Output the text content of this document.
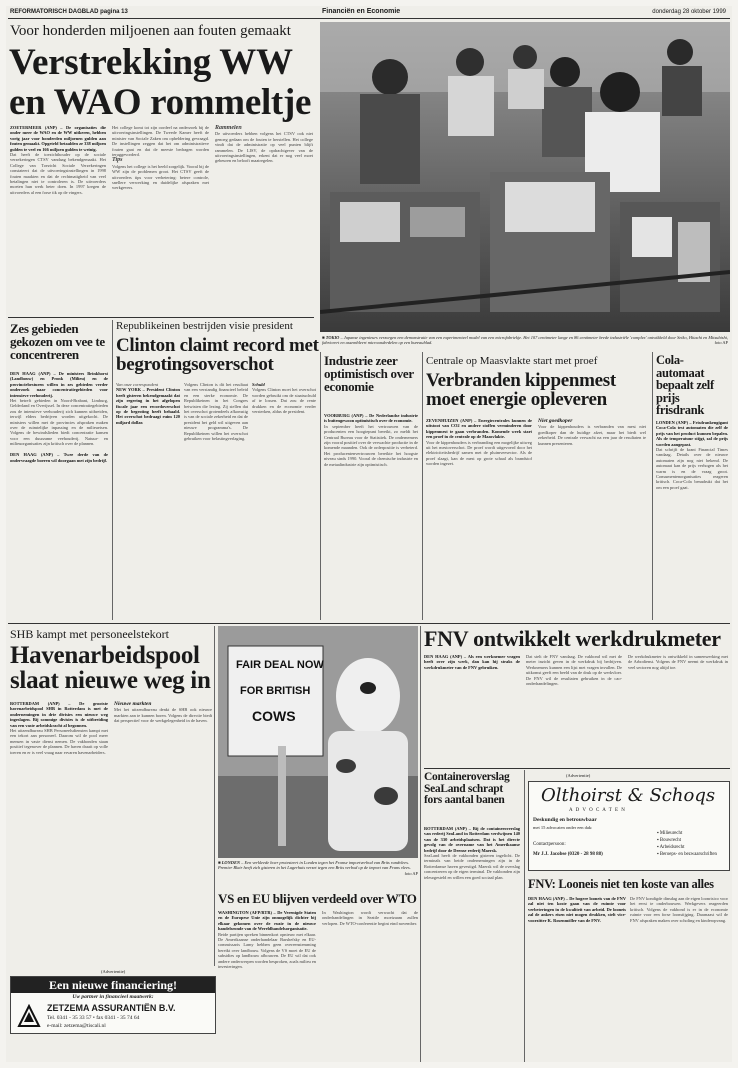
REFORMATORISCH DAGBLAD pagina 13	Financiën en Economie	donderdag 28 oktober 1999
Voor honderden miljoenen aan fouten gemaakt
Verstrekking WW
en WAO rommeltje
ZOETERMEER (ANP) – De organisaties die onder meer de WAO en de WW uitkeren, hebben vorig jaar voor honderden miljoenen gulden aan fouten gemaakt. Opgeteld betaalden ze 338 miljoen gulden te veel en 166 miljoen gulden te weinig.
Dat heeft de toezichthouder op de sociale verzekeringen CTSV vandaag bekendgemaakt. Het College van Toezicht Sociale Verzekeringen constateert dat de uitvoeringsinstellingen in 1998 fouten maakten en dat de rechtmatigheid van veel betalingen niet te controleren is. De uitvoerders moeten hun werk beter doen. In 1997 kregen de uitvoerders al een forse tik op de vingers.
Het college komt tot zijn oordeel na onderzoek bij de uitvoeringsinstellingen. De Tweede Kamer heeft de minister van Sociale Zaken om opheldering gevraagd. De instellingen zeggen dat het om administratieve fouten gaat en dat de meeste bedragen worden teruggevorderd.
Tips
Volgens het college is het beeld zorgelijk. Vooral bij de WW zijn de problemen groot. Het CTSV geeft de uitvoerders tips voor verbetering: betere controle, snellere verwerking en duidelijke afspraken met werkgevers.
Rammelen
De uitvoerders hebben volgens het CTSV ook niet genoeg gedaan om de fouten te herstellen. Het college vindt dat de administratie op veel punten blijft rammelen. De LISV, de opdrachtgever van de uitvoeringsinstellingen, erkent dat er nog veel moet gebeuren en belooft maatregelen.
■ TOKIO – Japanse ingenieurs verzorgen een demonstratie van een experimenteel model van een microfabriekje. Het 107 centimeter lange en 86 centimeter brede industriële 'complex' ontwikkeld door Seiko, Hitachi en Mitsubishi, fabriceert en assembleert microonderdelen op een bureaublad.	foto AP
Zes gebieden gekozen om vee te concentreren
DEN HAAG (ANP) – De ministers Brinkhorst (Landbouw) en Pronk (Milieu) en de provinciebesturen willen in zes gebieden verder onderzoek naar concentratiegebieden voor intensieve veehouderij.
Het betreft gebieden in Noord-Brabant, Limburg, Gelderland en Overijssel. In deze concentratiegebieden zou de intensieve veehouderij zich kunnen uitbreiden, terwijl elders bedrijven worden uitgekocht. De ministers willen met de provincies afspraken maken over de ruimtelijke inpassing en de milieueisen. Volgens de bewindslieden biedt concentratie kansen voor een duurzame veehouderij. Natuur- en milieuorganisaties zijn kritisch over de plannen.

DEN HAAG (ANP) – Twee derde van de ondervraagde boeren wil doorgaan met zijn bedrijf.
Republikeinen bestrijden visie president
Clinton claimt record met begrotingsoverschot
Van onze correspondent
NEW YORK – President Clinton heeft gisteren bekendgemaakt dat zijn regering in het afgelopen fiscale jaar een recordoverschot op de begroting heeft behaald. Het overschot bedraagt ruim 120 miljard dollar.
Volgens Clinton is dit het resultaat van een verstandig financieel beleid en een sterke economie. De Republikeinen in het Congres betwisten die lezing. Zij stellen dat het overschot grotendeels afkomstig is van de sociale zekerheid en dat de president het geld wil uitgeven aan nieuwe programma's. De Republikeinen willen het overschot gebruiken voor belastingverlaging.
Schuld
Volgens Clinton moet het overschot worden gebruikt om de staatsschuld af te lossen. Dat zou de rente drukken en de economie verder versterken, aldus de president.
Industrie zeer optimistisch over economie
VOORBURG (ANP) – De Nederlandse industrie is buitengewoon optimistisch over de economie.
In september heeft het vertrouwen van de producenten een hoogtepunt bereikt, zo meldt het Centraal Bureau voor de Statistiek. De ondernemers zijn vooral positief over de verwachte productie in de komende maanden. Ook de orderpositie is verbeterd. Het producentenvertrouwen bereikte het hoogste niveau sinds 1990. Vooral de chemische industrie en de metaalindustrie zijn optimistisch.
Centrale op Maasvlakte start met proef
Verbranden kippenmest moet energie opleveren
ZEVENHUIZEN (ANP) – Energiecentrales kunnen de uitstoot van CO2 en andere stoffen verminderen door kippenmest te gaan verbranden. Komende week start een proef in de centrale op de Maasvlakte.
Voor de kippenhouders is verbranding een mogelijke uitweg uit het mestoverschot. De proef wordt uitgevoerd door het elektriciteitsbedrijf samen met de pluimveesector. Als de proef slaagt, kan de mest op grote schaal als brandstof worden ingezet.
Niet goedkoper
Voor de kippenhouders is verbranden van mest niet goedkoper dan de huidige afzet, maar het biedt wel zekerheid. De centrale verwacht na een jaar de resultaten te kunnen presenteren.
Cola-automaat bepaalt zelf prijs frisdrank
LONDEN (ANP) – Frisdrankengigant Coca-Cola test automaten die zelf de prijs van het product kunnen bepalen. Als de temperatuur stijgt, zal de prijs worden aangepast.
Dat schrijft de krant Financial Times vandaag. Details over de nieuwe automaten zijn nog niet bekend. De automaat kan de prijs verhogen als het warm is en de vraag groot. Consumentenorganisaties reageren kritisch. Coca-Cola benadrukt dat het om een proef gaat.
SHB kampt met personeelstekort
Havenarbeidspool slaat nieuwe weg in
ROTTERDAM (ANP) – De grootste havenarbeidspool SHB in Rotterdam is met de ondernemingen in drie divisies een nieuwe weg ingeslagen. Bij sommige divisies is de uitbreiding van een vaste arbeidskracht al begonnen.
Het uitzendbureau SHB Personeelsdiensten kampt met een tekort aan personeel. Daarom wil de pool meer mensen in vaste dienst nemen. De vakbonden staan positief tegenover de plannen. De haven draait op volle toeren en er is veel vraag naar ervaren havenarbeiders.
Nieuwe markten
Met het uitzendbureau denkt de SHB ook nieuwe markten aan te kunnen boren. Volgens de directie biedt dat perspectief voor de werkgelegenheid in de haven.
FAIR DEAL NOW
FOR BRITISH
COWS
■ LONDEN – Een verkleede boer protesteert in Londen tegen het Franse importverbod van Brits rundvlees. Premier Blair heeft zich gisteren in het Lagerhuis verzet tegen een Brits verbod op de import van Frans vlees.
foto AP
FNV ontwikkelt werkdrukmeter
DEN HAAG (ANP) – Als een werknemer vragen heeft over zijn werk, dan kan hij straks de werkdrukmeter van de FNV gebruiken.
Dat stelt de FNV vandaag. De vakbond wil met de meter inzicht geven in de werkdruk bij bedrijven. Werknemers kunnen een lijst met vragen invullen. De uitkomst geeft een beeld van de druk op de werkvloer. De FNV wil de resultaten gebruiken in de cao-onderhandelingen.
De werkdrukmeter is ontwikkeld in samenwerking met de Arbodienst. Volgens de FNV neemt de werkdruk in veel sectoren nog altijd toe.
Containeroverslag SeaLand schrapt fors aantal banen
ROTTERDAM (ANP) – Bij de containeroverslag van rederij SeaLand in Rotterdam verdwijnen 140 van de 330 arbeidsplaatsen. Dat is het directe gevolg van de overname van het Amerikaanse bedrijf door de Deense rederij Maersk.
SeaLand heeft de vakbonden gisteren ingelicht. De terminals van beide ondernemingen zijn in de Rotterdamse haven gevestigd. Maersk wil de overslag concentreren op de eigen terminal. De vakbonden zijn teleurgesteld en willen een goed sociaal plan.
(Advertentie)
Olthoirst & Schoqs
A D V O C A T E N
Deskundig en betrouwbaar
met 15 advocaten onder een dak:
Contactpersoon:
Mr J.J. Jacobse (0320 - 28 98 88)
▪ Milieurecht
▪ Bouwrecht
▪ Arbeidsrecht
▪ Beroeps- en bezwaarschriften
FNV: Looneis niet ten koste van alles
DEN HAAG (ANP) – De hogere looneis van de FNV zal niet ten koste gaan van de ruimte voor verbeteringen in de kwaliteit van arbeid. De looneis zal de ankers eisen niet mogen drukken, stelt vice-voorzitter K. Rosenmöller van de FNV.
De FNV kondigde dinsdag aan de eigen loonrisico voor het eerst te onderbouwen. Werkgevers reageerden kritisch. Volgens de vakbond is er in de economie ruimte voor een forse loonstijging. Daarnaast wil de FNV afspraken maken over scholing en kinderopvang.
(Advertentie)
Een nieuwe financiering!
Uw partner in financieel maatwerk:
ZETZEMA ASSURANTIËN B.V.
Tel. 0341 - 35 33 57 • fax 0341 - 35 74 64
e-mail: zetzema@tiscali.nl
VS en EU blijven verdeeld over WTO
WASHINGTON (AFP/RTR) – De Verenigde Staten en de Europese Unie zijn onmogelijk dichter bij elkaar gekomen over de ruzie in de nieuwe handelsronde van de Wereldhandelsorganisatie.
Beide partijen spreken binnenkort opnieuw met elkaar. De Amerikaanse onderhandelaar Barshefsky en EU-commissaris Lamy hebben geen overeenstemming bereikt over landbouw. Volgens de VS moet de EU de subsidies op landbouw afbouwen. De EU wil dat ook andere onderwerpen worden besproken, zoals milieu en investeringen.
In Washington wordt verwacht dat de onderhandelingen in Seattle moeizaam zullen verlopen. De WTO-conferentie begint eind november.
